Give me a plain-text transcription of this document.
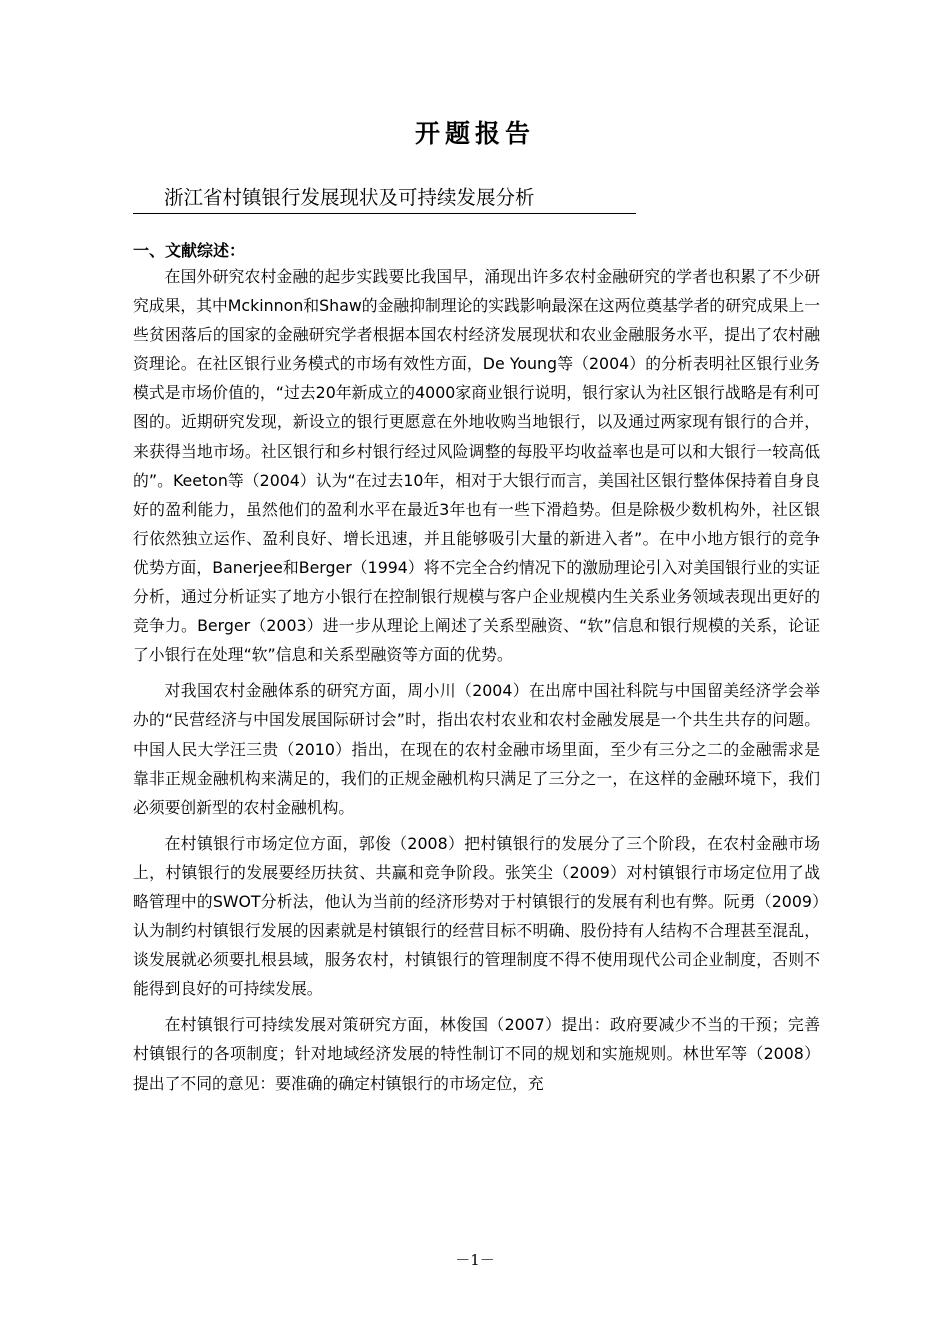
开题报告
浙江省村镇银行发展现状及可持续发展分析
一、文献综述：

在国外研究农村金融的起步实践要比我国早，涌现出许多农村金融研究的学者也积累了不少研究成果，其中Mckinnon和Shaw的金融抑制理论的实践影响最深在这两位奠基学者的研究成果上一些贫困落后的国家的金融研究学者根据本国农村经济发展现状和农业金融服务水平，提出了农村融资理论。在社区银行业务模式的市场有效性方面，De Young等（2004）的分析表明社区银行业务模式是市场价值的，“过去20年新成立的4000家商业银行说明，银行家认为社区银行战略是有利可图的。近期研究发现，新设立的银行更愿意在外地收购当地银行，以及通过两家现有银行的合并，来获得当地市场。社区银行和乡村银行经过风险调整的每股平均收益率也是可以和大银行一较高低的”。Keeton等（2004）认为“在过去10年，相对于大银行而言，美国社区银行整体保持着自身良好的盈利能力，虽然他们的盈利水平在最近3年也有一些下滑趋势。但是除极少数机构外，社区银行依然独立运作、盈利良好、增长迅速，并且能够吸引大量的新进入者”。在中小地方银行的竞争优势方面，Banerjee和Berger（1994）将不完全合约情况下的激励理论引入对美国银行业的实证分析，通过分析证实了地方小银行在控制银行规模与客户企业规模内生关系业务领域表现出更好的竞争力。Berger（2003）进一步从理论上阐述了关系型融资、“软”信息和银行规模的关系，论证了小银行在处理“软”信息和关系型融资等方面的优势。

对我国农村金融体系的研究方面，周小川（2004）在出席中国社科院与中国留美经济学会举办的“民营经济与中国发展国际研讨会”时，指出农村农业和农村金融发展是一个共生共存的问题。中国人民大学汪三贵（2010）指出，在现在的农村金融市场里面，至少有三分之二的金融需求是靠非正规金融机构来满足的，我们的正规金融机构只满足了三分之一，在这样的金融环境下，我们必须要创新型的农村金融机构。

在村镇银行市场定位方面，郭俊（2008）把村镇银行的发展分了三个阶段，在农村金融市场上，村镇银行的发展要经历扶贫、共赢和竞争阶段。张笑尘（2009）对村镇银行市场定位用了战略管理中的SWOT分析法，他认为当前的经济形势对于村镇银行的发展有利也有弊。阮勇（2009）认为制约村镇银行发展的因素就是村镇银行的经营目标不明确、股份持有人结构不合理甚至混乱，谈发展就必须要扎根县域，服务农村，村镇银行的管理制度不得不使用现代公司企业制度，否则不能得到良好的可持续发展。

在村镇银行可持续发展对策研究方面，林俊国（2007）提出：政府要减少不当的干预；完善村镇银行的各项制度；针对地域经济发展的特性制订不同的规划和实施规则。林世军等（2008）提出了不同的意见：要准确的确定村镇银行的市场定位，充

－1－
